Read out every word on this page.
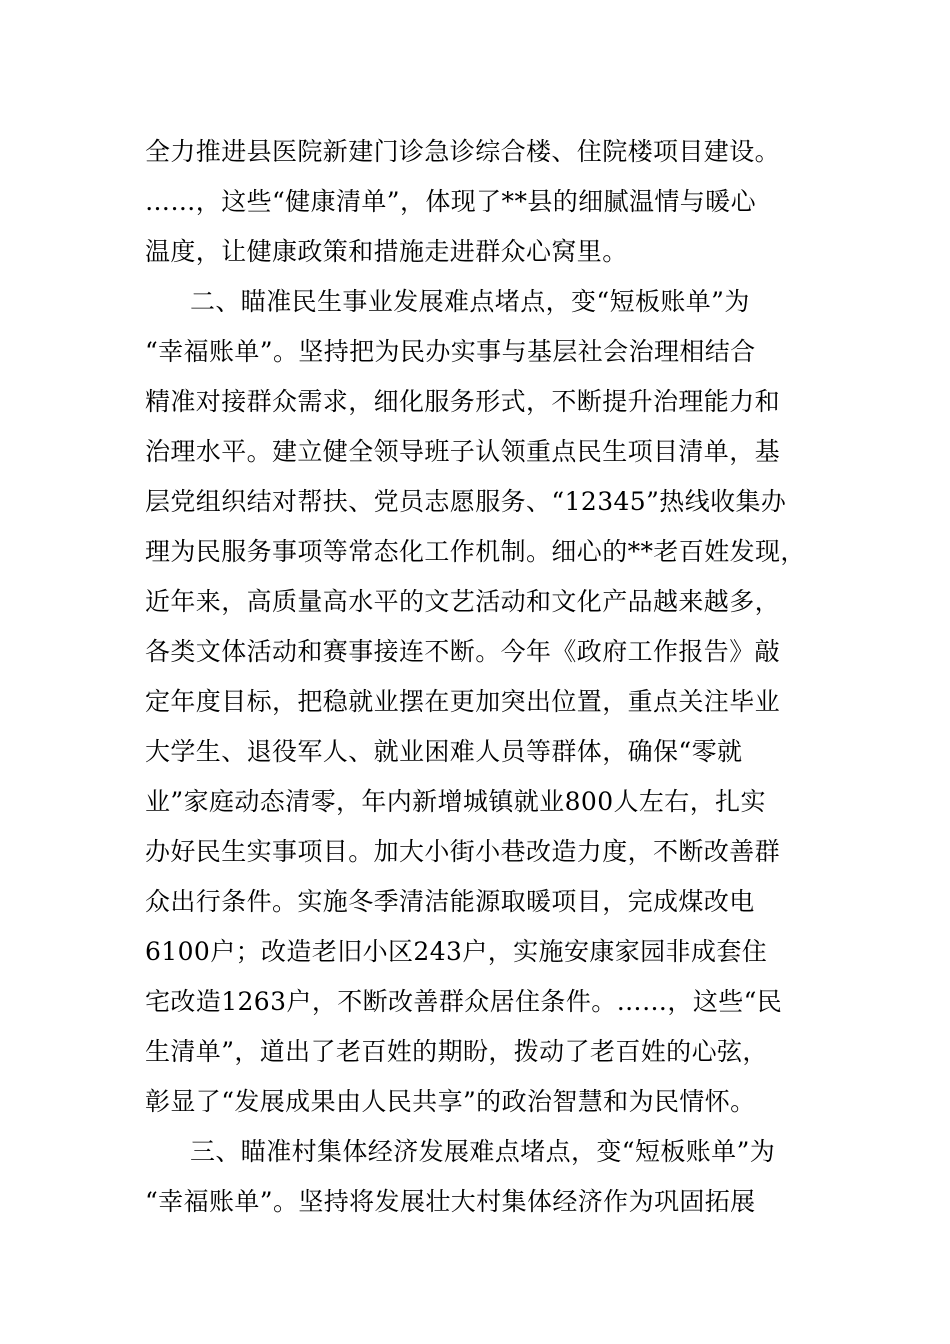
全力推进县医院新建门诊急诊综合楼、住院楼项目建设。
……，这些“健康清单”，体现了**县的细腻温情与暖心
温度，让健康政策和措施走进群众心窝里。
二、瞄准民生事业发展难点堵点，变“短板账单”为
“幸福账单”。坚持把为民办实事与基层社会治理相结合
精准对接群众需求，细化服务形式，不断提升治理能力和
治理水平。建立健全领导班子认领重点民生项目清单，基
层党组织结对帮扶、党员志愿服务、“12345”热线收集办
理为民服务事项等常态化工作机制。细心的**老百姓发现，
近年来，高质量高水平的文艺活动和文化产品越来越多，
各类文体活动和赛事接连不断。今年《政府工作报告》敲
定年度目标，把稳就业摆在更加突出位置，重点关注毕业
大学生、退役军人、就业困难人员等群体，确保“零就
业”家庭动态清零，年内新增城镇就业800人左右，扎实
办好民生实事项目。加大小街小巷改造力度，不断改善群
众出行条件。实施冬季清洁能源取暖项目，完成煤改电
6100户；改造老旧小区243户，实施安康家园非成套住
宅改造1263户，不断改善群众居住条件。……，这些“民
生清单”，道出了老百姓的期盼，拨动了老百姓的心弦，
彰显了“发展成果由人民共享”的政治智慧和为民情怀。
三、瞄准村集体经济发展难点堵点，变“短板账单”为
“幸福账单”。坚持将发展壮大村集体经济作为巩固拓展
